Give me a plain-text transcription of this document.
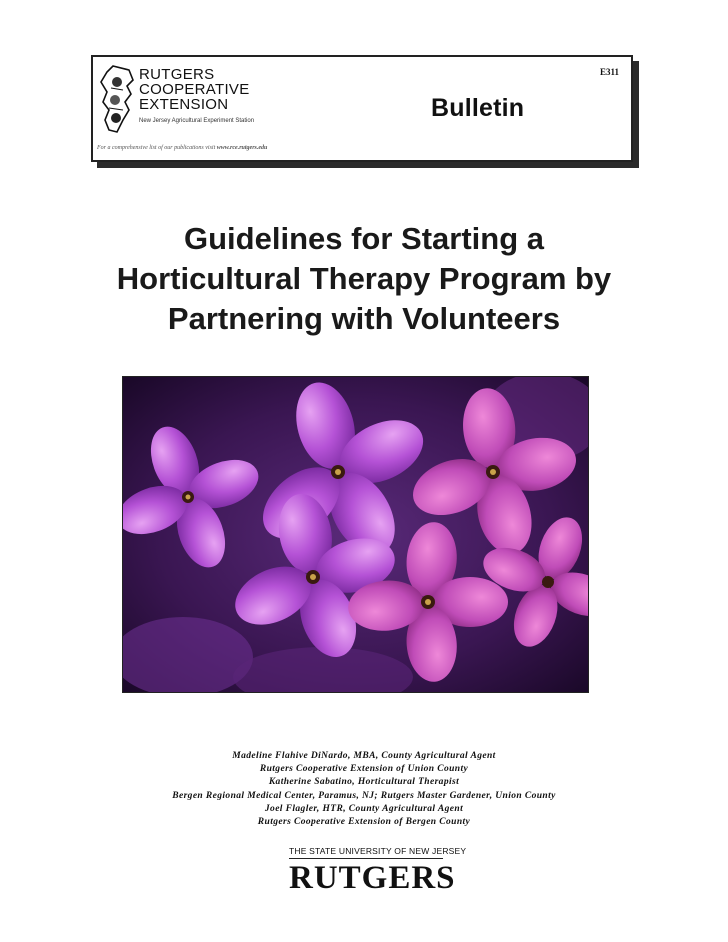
RUTGERS
COOPERATIVE
EXTENSION
New Jersey Agricultural Experiment Station
E311
Bulletin
For a comprehensive list of our publications visit www.rce.rutgers.edu
Guidelines for Starting a
Horticultural Therapy Program by
Partnering with Volunteers
Madeline Flahive DiNardo, MBA, County Agricultural Agent
Rutgers Cooperative Extension of Union County
Katherine Sabatino, Horticultural Therapist
Bergen Regional Medical Center, Paramus, NJ; Rutgers Master Gardener, Union County
Joel Flagler, HTR, County Agricultural Agent
Rutgers Cooperative Extension of Bergen County
THE STATE UNIVERSITY OF NEW JERSEY
RUTGERS
